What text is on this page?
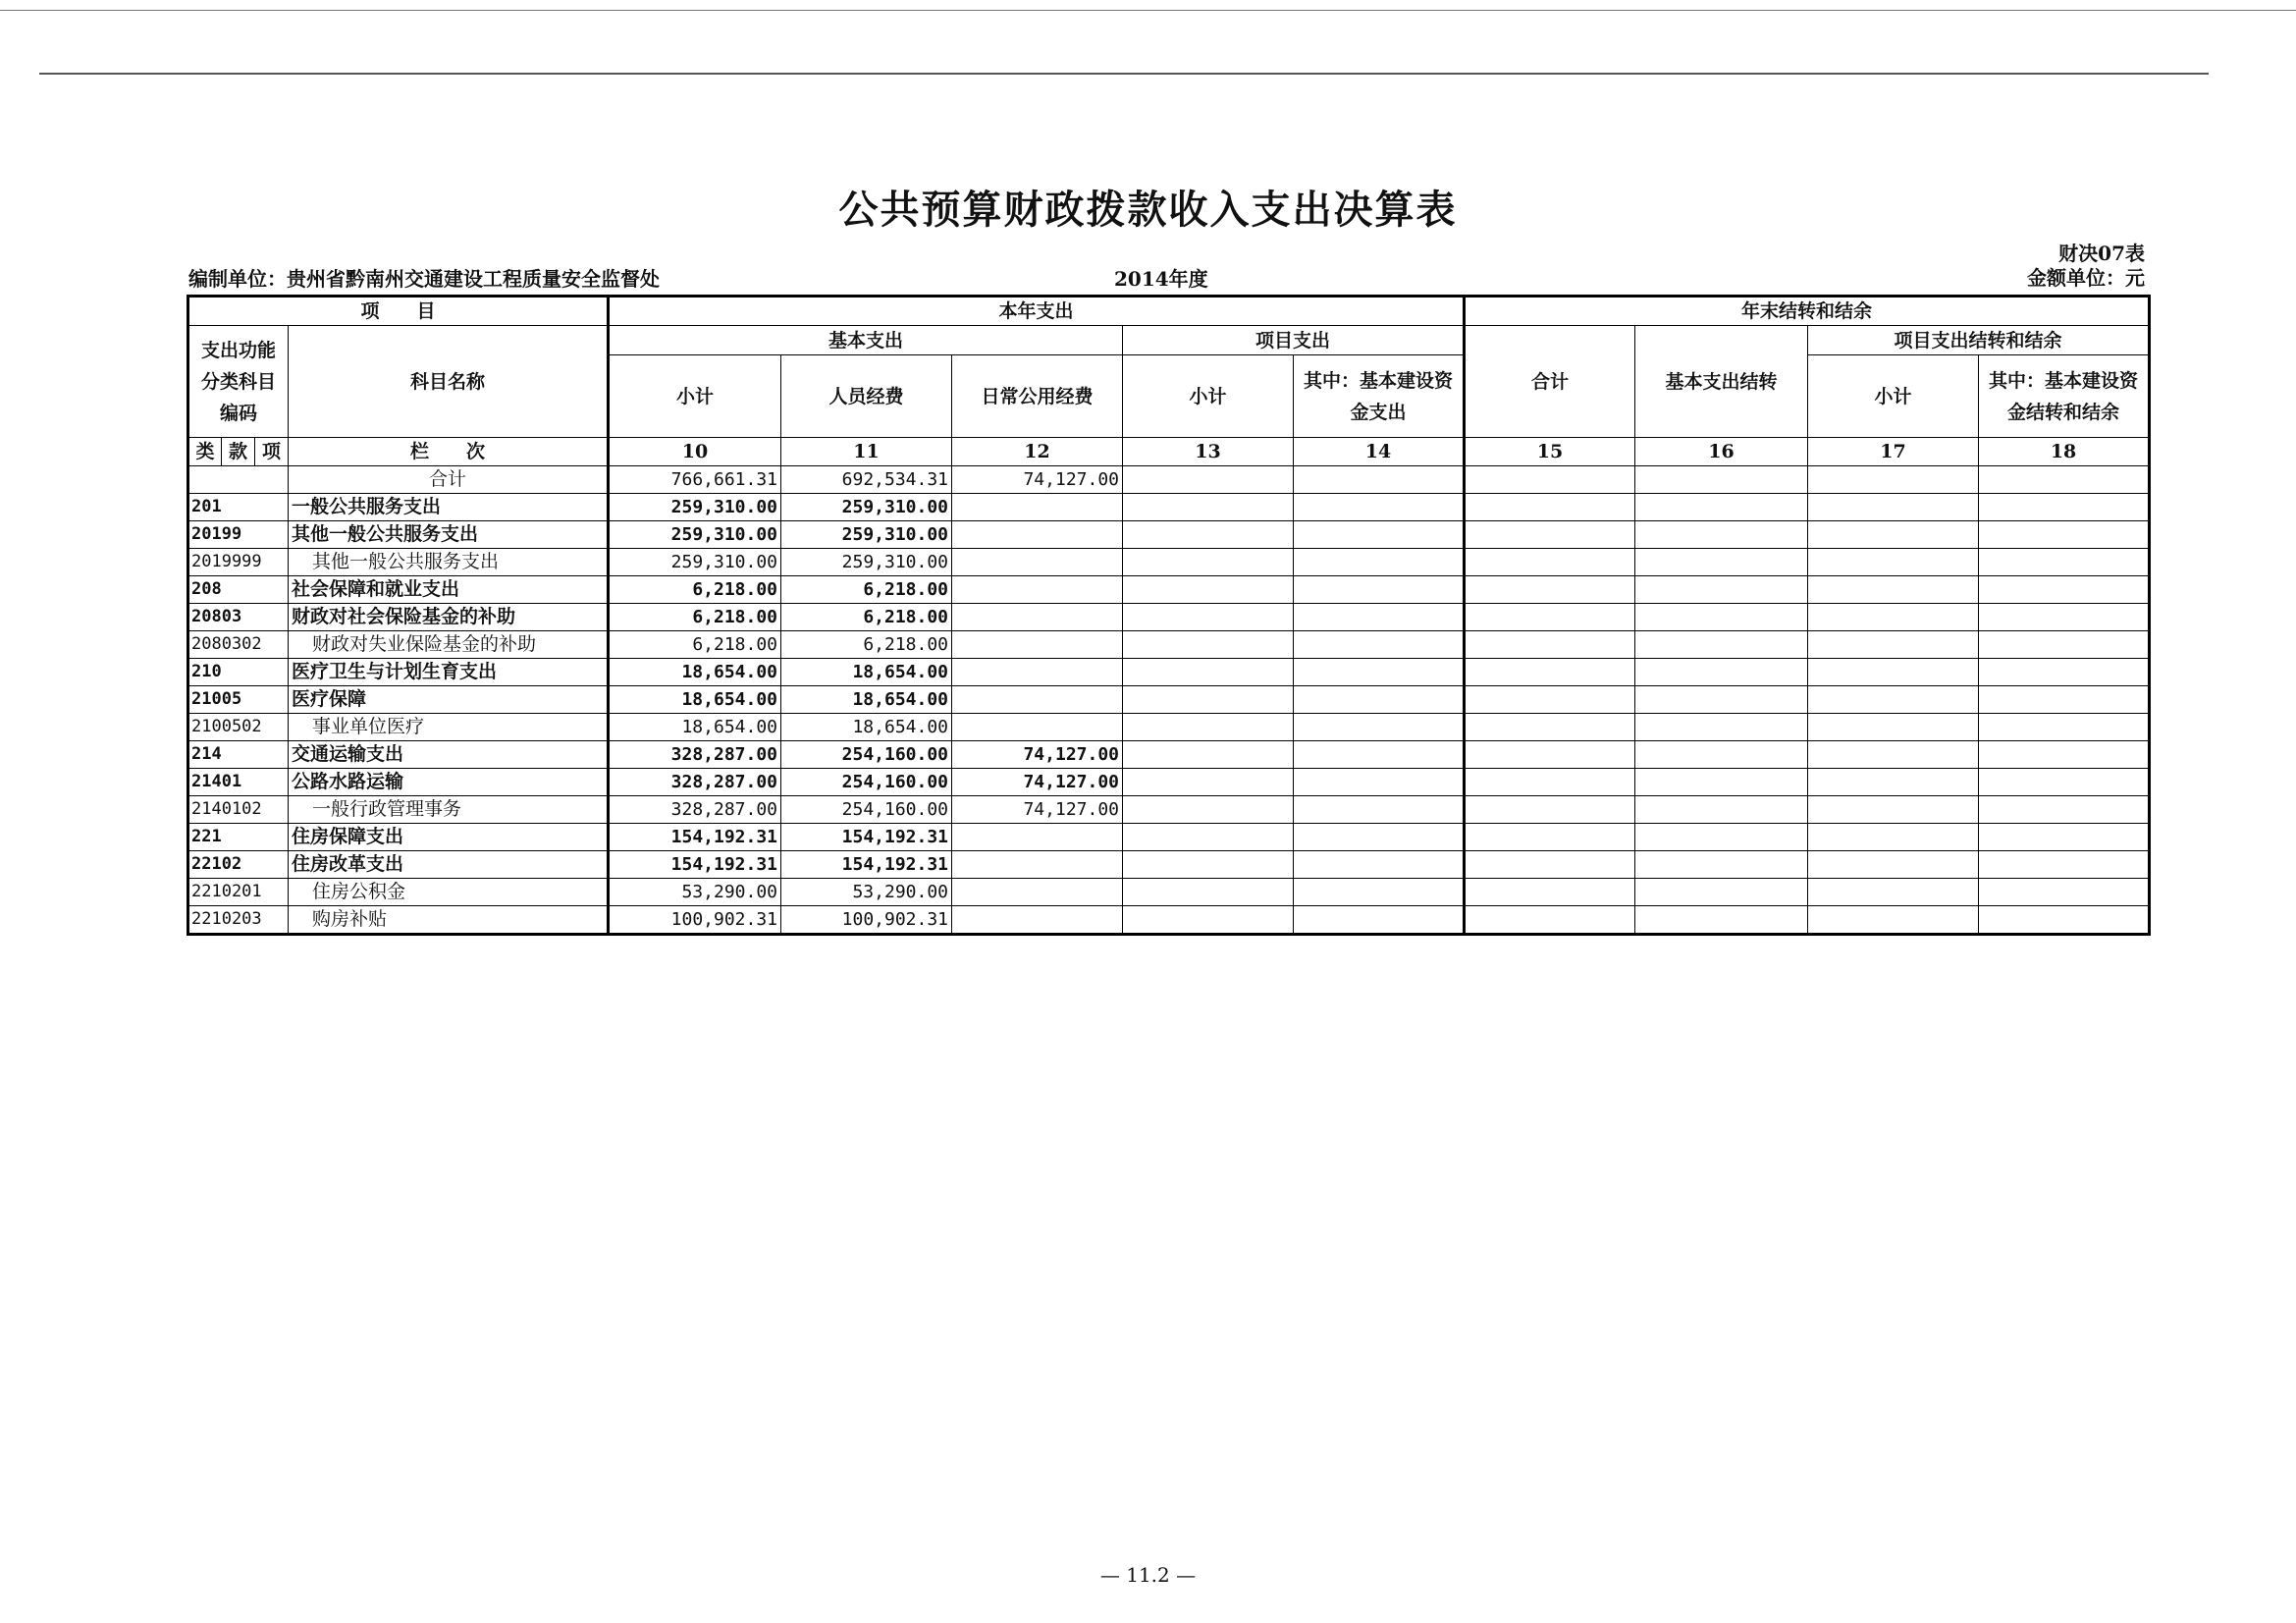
公共预算财政拨款收入支出决算表
财决07表
金额单位：元
编制单位：贵州省黔南州交通建设工程质量安全监督处	2014年度
项　　目				本年支出					年末结转和结余			
支出功能分类科目编码			科目名称	基本支出			项目支出		合计	基本支出结转	项目支出结转和结余	
				小计	人员经费	日常公用经费	小计	其中：基本建设资金支出			小计	其中：基本建设资金结转和结余
类	款	项	栏　　次	10	11	12	13	14	15	16	17	18
			合计	766,661.31	692,534.31	74,127.00						
201			一般公共服务支出	259,310.00	259,310.00							
20199			其他一般公共服务支出	259,310.00	259,310.00							
2019999			其他一般公共服务支出	259,310.00	259,310.00							
208			社会保障和就业支出	6,218.00	6,218.00							
20803			财政对社会保险基金的补助	6,218.00	6,218.00							
2080302			财政对失业保险基金的补助	6,218.00	6,218.00							
210			医疗卫生与计划生育支出	18,654.00	18,654.00							
21005			医疗保障	18,654.00	18,654.00							
2100502			事业单位医疗	18,654.00	18,654.00							
214			交通运输支出	328,287.00	254,160.00	74,127.00						
21401			公路水路运输	328,287.00	254,160.00	74,127.00						
2140102			一般行政管理事务	328,287.00	254,160.00	74,127.00						
221			住房保障支出	154,192.31	154,192.31							
22102			住房改革支出	154,192.31	154,192.31							
2210201			住房公积金	53,290.00	53,290.00							
2210203			购房补贴	100,902.31	100,902.31							
— 11.2 —
